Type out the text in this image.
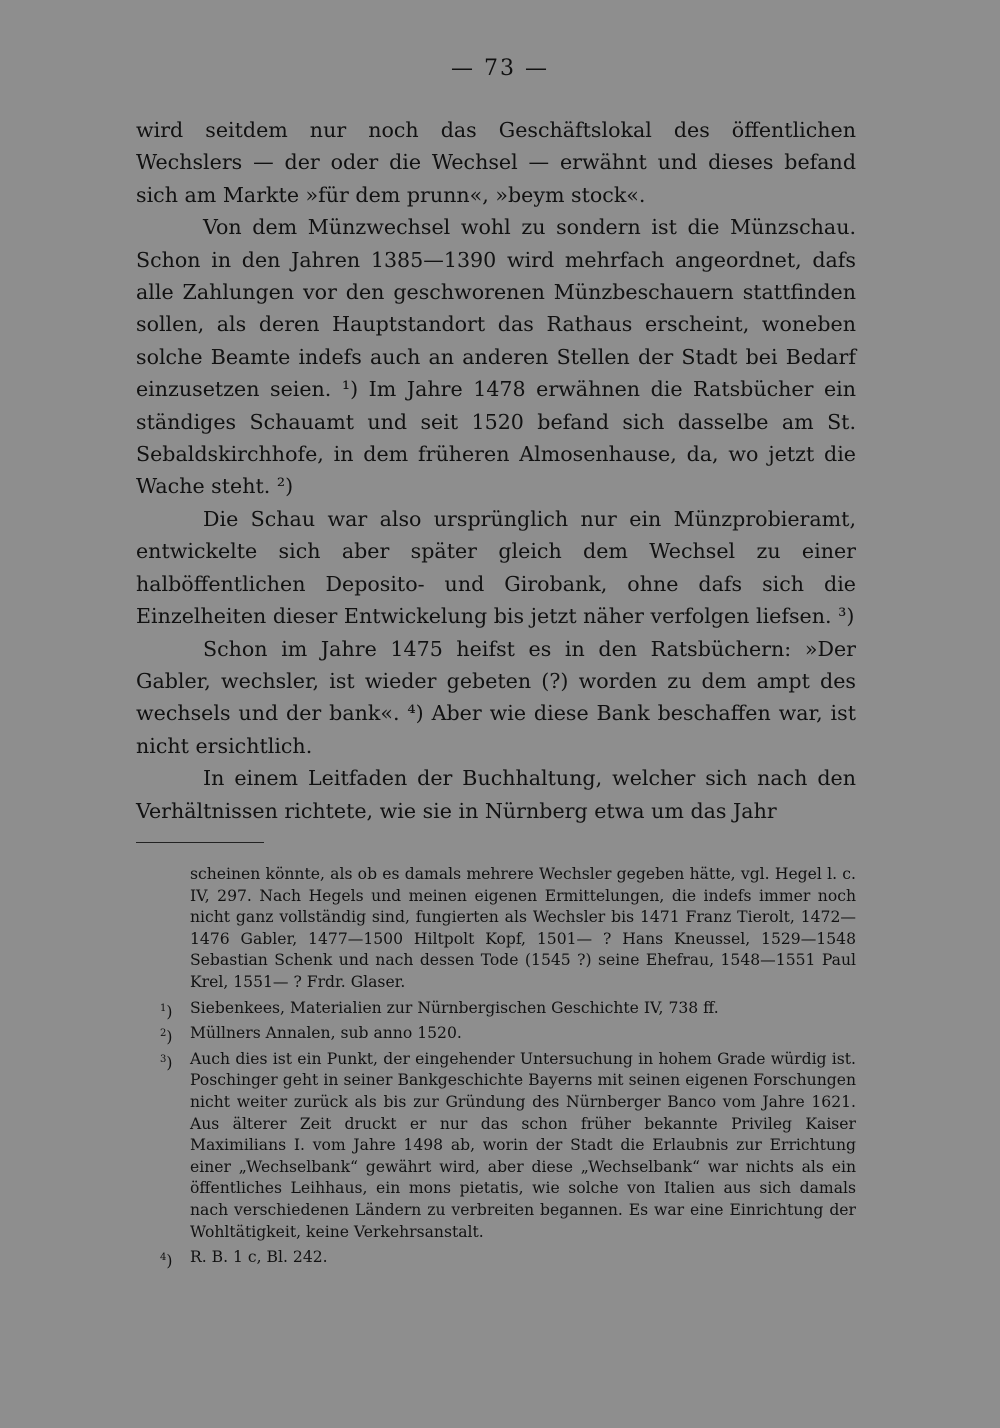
— 73 —

wird seitdem nur noch das Geschäftslokal des öffentlichen Wechslers — der oder die Wechsel — erwähnt und dieses befand sich am Markte »für dem prunn«, »beym stock«.

Von dem Münzwechsel wohl zu sondern ist die Münzschau. Schon in den Jahren 1385—1390 wird mehrfach angeordnet, dafs alle Zahlungen vor den geschworenen Münzbeschauern stattfinden sollen, als deren Hauptstandort das Rathaus erscheint, woneben solche Beamte indefs auch an anderen Stellen der Stadt bei Bedarf einzusetzen seien. ¹) Im Jahre 1478 erwähnen die Ratsbücher ein ständiges Schauamt und seit 1520 befand sich dasselbe am St. Sebaldskirchhofe, in dem früheren Almosenhause, da, wo jetzt die Wache steht. ²)

Die Schau war also ursprünglich nur ein Münzprobieramt, entwickelte sich aber später gleich dem Wechsel zu einer halböffentlichen Deposito- und Girobank, ohne dafs sich die Einzelheiten dieser Entwickelung bis jetzt näher verfolgen liefsen. ³)

Schon im Jahre 1475 heifst es in den Ratsbüchern: »Der Gabler, wechsler, ist wieder gebeten (?) worden zu dem ampt des wechsels und der bank«. ⁴) Aber wie diese Bank beschaffen war, ist nicht ersichtlich.

In einem Leitfaden der Buchhaltung, welcher sich nach den Verhältnissen richtete, wie sie in Nürnberg etwa um das Jahr

scheinen könnte, als ob es damals mehrere Wechsler gegeben hätte, vgl. Hegel l. c. IV, 297. Nach Hegels und meinen eigenen Ermittelungen, die indefs immer noch nicht ganz vollständig sind, fungierten als Wechsler bis 1471 Franz Tierolt, 1472—1476 Gabler, 1477—1500 Hiltpolt Kopf, 1501— ? Hans Kneussel, 1529—1548 Sebastian Schenk und nach dessen Tode (1545 ?) seine Ehefrau, 1548—1551 Paul Krel, 1551— ? Frdr. Glaser.
$^1$) Siebenkees, Materialien zur Nürnbergischen Geschichte IV, 738 ff.
$^2$) Müllners Annalen, sub anno 1520.
$^3$) Auch dies ist ein Punkt, der eingehender Untersuchung in hohem Grade würdig ist. Poschinger geht in seiner Bankgeschichte Bayerns mit seinen eigenen Forschungen nicht weiter zurück als bis zur Gründung des Nürnberger Banco vom Jahre 1621. Aus älterer Zeit druckt er nur das schon früher bekannte Privileg Kaiser Maximilians I. vom Jahre 1498 ab, worin der Stadt die Erlaubnis zur Errichtung einer „Wechselbank“ gewährt wird, aber diese „Wechselbank“ war nichts als ein öffentliches Leihhaus, ein mons pietatis, wie solche von Italien aus sich damals nach verschiedenen Ländern zu verbreiten begannen. Es war eine Einrichtung der Wohltätigkeit, keine Verkehrsanstalt.
$^4$) R. B. 1 c, Bl. 242.
